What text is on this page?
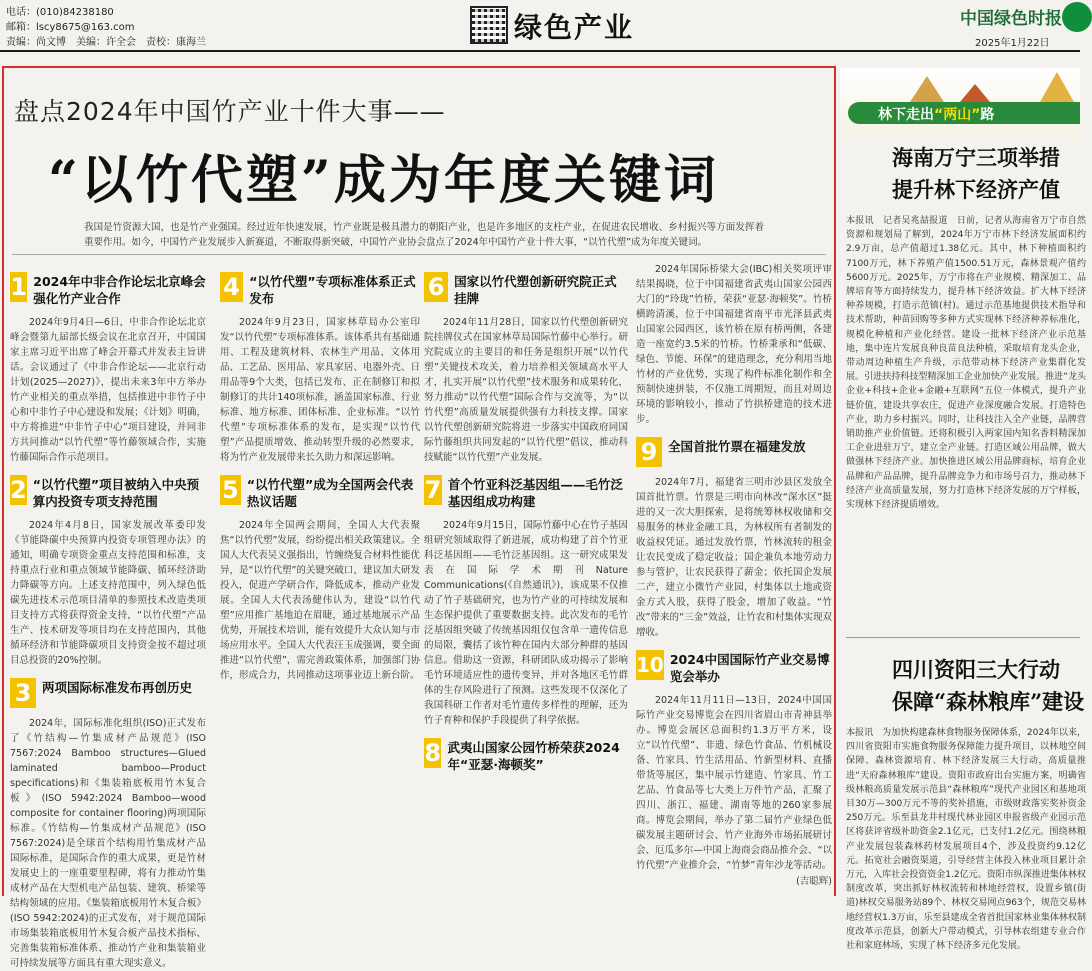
电话：(010)84238180
邮箱：lscy8675@163.com
责编：尚文博　美编：许全会　责校：康海兰	绿色产业	中国绿色时报
2025年1月22日
盘点2024年中国竹产业十件大事——
“以竹代塑”成为年度关键词
我国是竹资源大国，也是竹产业强国。经过近年快速发展，竹产业既是极具潜力的朝阳产业，也是许多地区的支柱产业，在促进农民增收、乡村振兴等方面发挥着重要作用。如今，中国竹产业发展步入新赛道，不断取得新突破，中国竹产业协会盘点了2024年中国竹产业十件大事，“以竹代塑”成为年度关键词。
1 2024年中非合作论坛北京峰会强化竹产业合作

2024年9月4日—6日，中非合作论坛北京峰会暨第九届部长级会议在北京召开，中国国家主席习近平出席了峰会开幕式并发表主旨讲话。会议通过了《中非合作论坛——北京行动计划(2025—2027)》，提出未来3年中方举办竹产业相关的重点举措，包括推进中非竹子中心和中非竹子中心建设和发展；《计划》明确，中方将推进“中非竹子中心”项目建设，并同非方共同推动“以竹代塑”等竹藤领域合作，实施竹藤国际合作示范项目。

2 “以竹代塑”项目被纳入中央预算内投资专项支持范围

2024年4月8日，国家发展改革委印发《节能降碳中央预算内投资专项管理办法》的通知，明确专项资金重点支持范围和标准，支持重点行业和重点领域节能降碳、循环经济助力降碳等方向。上述支持范围中，列入绿色低碳先进技术示范项目清单的参照技术改造类项目支持方式将获得资金支持，“以竹代塑”产品生产、技术研发等项目均在支持范围内，其他循环经济和节能降碳项目支持资金按不超过项目总投资的20%控制。

3 两项国际标准发布再创历史

2024年，国际标准化组织(ISO)正式发布了《竹结构—竹集成材产品规范》(ISO 7567:2024 Bamboo structures—Glued laminated bamboo—Product specifications)和《集装箱底板用竹木复合板》(ISO 5942:2024 Bamboo—wood composite for container flooring)两项国际标准。《竹结构—竹集成材产品规范》(ISO 7567:2024)是全球首个结构用竹集成材产品国际标准，是国际合作的重大成果，更是竹材发展史上的一座重要里程碑，将有力推动竹集成材产品在大型机电产品包装、建筑、桥梁等结构领域的应用。《集装箱底板用竹木复合板》(ISO 5942:2024)的正式发布，对于规范国际市场集装箱底板用竹木复合板产品技术指标、完善集装箱标准体系、推动竹产业和集装箱业可持续发展等方面具有重大现实意义。

4 “以竹代塑”专项标准体系正式发布

2024年9月23日，国家林草局办公室印发“以竹代塑”专项标准体系。该体系共有基础通用、工程及建筑材料、农林生产用品、文体用品、工艺品、医用品、家具家居、电器外壳、日用品等9个大类，包括已发布、正在制修订和拟制修订的共计140项标准，涵盖国家标准、行业标准、地方标准、团体标准、企业标准。“以竹代塑”专项标准体系的发布，是实现“以竹代塑”产品提质增效、推动转型升级的必然要求，将为竹产业发展带来长久助力和深远影响。

5 “以竹代塑”成为全国两会代表热议话题

2024年全国两会期间，全国人大代表聚焦“以竹代塑”发展，纷纷提出相关政策建议。全国人大代表吴义强指出，竹缠绕复合材料性能优异，是“以竹代塑”的关键突破口，建议加大研发投入，促进产学研合作，降低成本，推动产业发展。全国人大代表汤健伟认为，建设“以竹代塑”应用推广基地迫在眉睫，通过基地展示产品优势，开展技术培训，能有效提升大众认知与市场应用水平。全国人大代表汪玉成强调，要全面推进“以竹代塑”，需完善政策体系，加强部门协作，形成合力，共同推动这项事业迈上新台阶。

6 国家以竹代塑创新研究院正式挂牌

2024年11月28日，国家以竹代塑创新研究院挂牌仪式在国家林草局国际竹藤中心举行。研究院成立的主要目的和任务是组织开展“以竹代塑”关键技术攻关，着力培养相关领域高水平人才，扎实开展“以竹代塑”技术服务和成果转化，努力推动“以竹代塑”国际合作与交流等，为“以竹代塑”高质量发展提供强有力科技支撑。国家以竹代塑创新研究院将进一步落实中国政府同国际竹藤组织共同发起的“以竹代塑”倡议，推动科技赋能“以竹代塑”产业发展。

7 首个竹亚科泛基因组——毛竹泛基因组成功构建

2024年9月15日，国际竹藤中心在竹子基因组研究领域取得了新进展，成功构建了首个竹亚科泛基因组——毛竹泛基因组。这一研究成果发表在国际学术期刊Nature Communications(《自然通讯》)，该成果不仅推动了竹子基础研究，也为竹产业的可持续发展和生态保护提供了重要数据支持。此次发布的毛竹泛基因组突破了传统基因组仅包含单一遗传信息的局限，囊括了该竹种在国内大部分种群的基因信息。借助这一资源，科研团队成功揭示了影响毛竹环境适应性的遗传变异，并对各地区毛竹群体的生存风险进行了预测。这些发现不仅深化了我国科研工作者对毛竹遗传多样性的理解，还为竹子育种和保护手段提供了科学依据。

8 武夷山国家公园竹桥荣获2024年“亚瑟·海顿奖”

2024年国际桥梁大会(IBC)相关奖项评审结果揭晓，位于中国福建省武夷山国家公园西大门的“玲珑”竹桥，荣获“亚瑟·海顿奖”。竹桥横跨清溪，位于中国福建省南平市光泽县武夷山国家公园西区，该竹桥在原有桥两侧，各建造一座宽约3.5米的竹桥。竹桥秉承和“低碳、绿色、节能、环保”的建造理念，充分利用当地竹材的产业优势，实现了构件标准化制作和全预制快速拼装，不仅施工周期短，而且对周边环境的影响较小，推动了竹拱桥建造的技术进步。

9 全国首批竹票在福建发放

2024年7月，福建省三明市沙县区发放全国首批竹票。竹票是三明市向林改“深水区”挺进的又一次大胆探索，是将统筹林权收储和交易服务的林业金融工具，为林权所有者制发的收益权凭证。通过发放竹票，竹林流转的租金让农民变成了稳定收益；国企兼负本地劳动力参与管护，让农民获得了薪金；依托国企发展二产，建立小微竹产业园，村集体以土地或资金方式入股，获得了股金，增加了收益。“竹改”带来的“三金”效益，让竹农和村集体实现双增收。

10 2024中国国际竹产业交易博览会举办

2024年11月11日—13日，2024中国国际竹产业交易博览会在四川省眉山市青神县举办。博览会展区总面积约1.3万平方米，设立“以竹代塑”、非遗、绿色竹食品、竹机械设备、竹家具、竹生活用品、竹新型材料、直播带货等展区，集中展示竹建造、竹家具、竹工艺品、竹食品等七大类上万件竹产品，汇聚了四川、浙江、福建、湖南等地的260家参展商。博览会期间，举办了第二届竹产业绿色低碳发展主题研讨会、竹产业海外市场拓展研讨会、厄瓜多尔—中国上海商会商品推介会、“以竹代塑”产业推介会，“竹梦”青年沙龙等活动。

(吉聪辉)
林下走出“两山”路
海南万宁三项举措
提升林下经济产值
本报讯　记者吴兆喆报道　日前，记者从海南省万宁市自然资源和规划局了解到，2024年万宁市林下经济发展面积约2.9万亩，总产值超过1.38亿元。其中，林下种植面积约7100万元，林下养殖产值1500.51万元，森林景观产值约5600万元。2025年，万宁市将在产业规模、精深加工、品牌培育等方面持续发力，提升林下经济效益。扩大林下经济种养规模，打造示范镇(村)。通过示范基地提供技术指导和技术帮助，种苗回购等多种方式实现林下经济种养标准化，规模化种植和产业化经营。建设一批林下经济产业示范基地，集中连片发展良种良苗良法种植，采取培育龙头企业，带动周边种植生产升级，示范带动林下经济产业集群化发展。引进扶持科技型精深加工企业加快产业发展。推进“龙头企业+科技+企业+金融+互联网”五位一体模式，提升产业链价值，建设共享农庄，促进产业深度融合发展。打造特色产业，助力乡村振兴。同时，让科技注入全产业链，品牌营销助推产业价值链。还将积极引入两家国内知名香料精深加工企业进驻万宁，建立全产业链。打造区域公用品牌，做大做强林下经济产业。加快推进区域公用品牌商标，培育企业品牌和产品品牌，提升品牌竞争力和市场号召力，推动林下经济产业高质量发展，努力打造林下经济发展的万宁样板，实现林下经济提质增效。
四川资阳三大行动
保障“森林粮库”建设
本报讯　为加快构建森林食物服务保障体系，2024年以来，四川省资阳市实施食物服务保障能力提升项目，以林地空间保障、森林资源培育、林下经济发展三大行动，高质量推进“天府森林粮库”建设。资阳市政府出台实施方案，明确省级林粮高质量发展示范县“森林粮库”现代产业园区和基地项目30万—300万元不等的奖补措施，市级财政落实奖补资金250万元。乐至县龙井村现代林业园区申报省级产业园示范区将获评省级补助资金2.1亿元，已支付1.2亿元。围绕林粮产业发展包装森林药材发展项目4个，涉及投资约9.12亿元。拓宽社会融资渠道，引导经营主体投入林业项目累计余万元，入库社会投资资金1.2亿元。资阳市纵深推进集体林权制度改革，突出抓好林权流转和林地经营权，设置乡镇(街道)林权交易服务站89个、林权交易网点963个，规范交易林地经营权1.3万亩，乐至县建成全省首批国家林业集体林权制度改革示范县，创新大户带动模式，引导林农组建专业合作社和家庭林场，实现了林下经济多元化发展。
